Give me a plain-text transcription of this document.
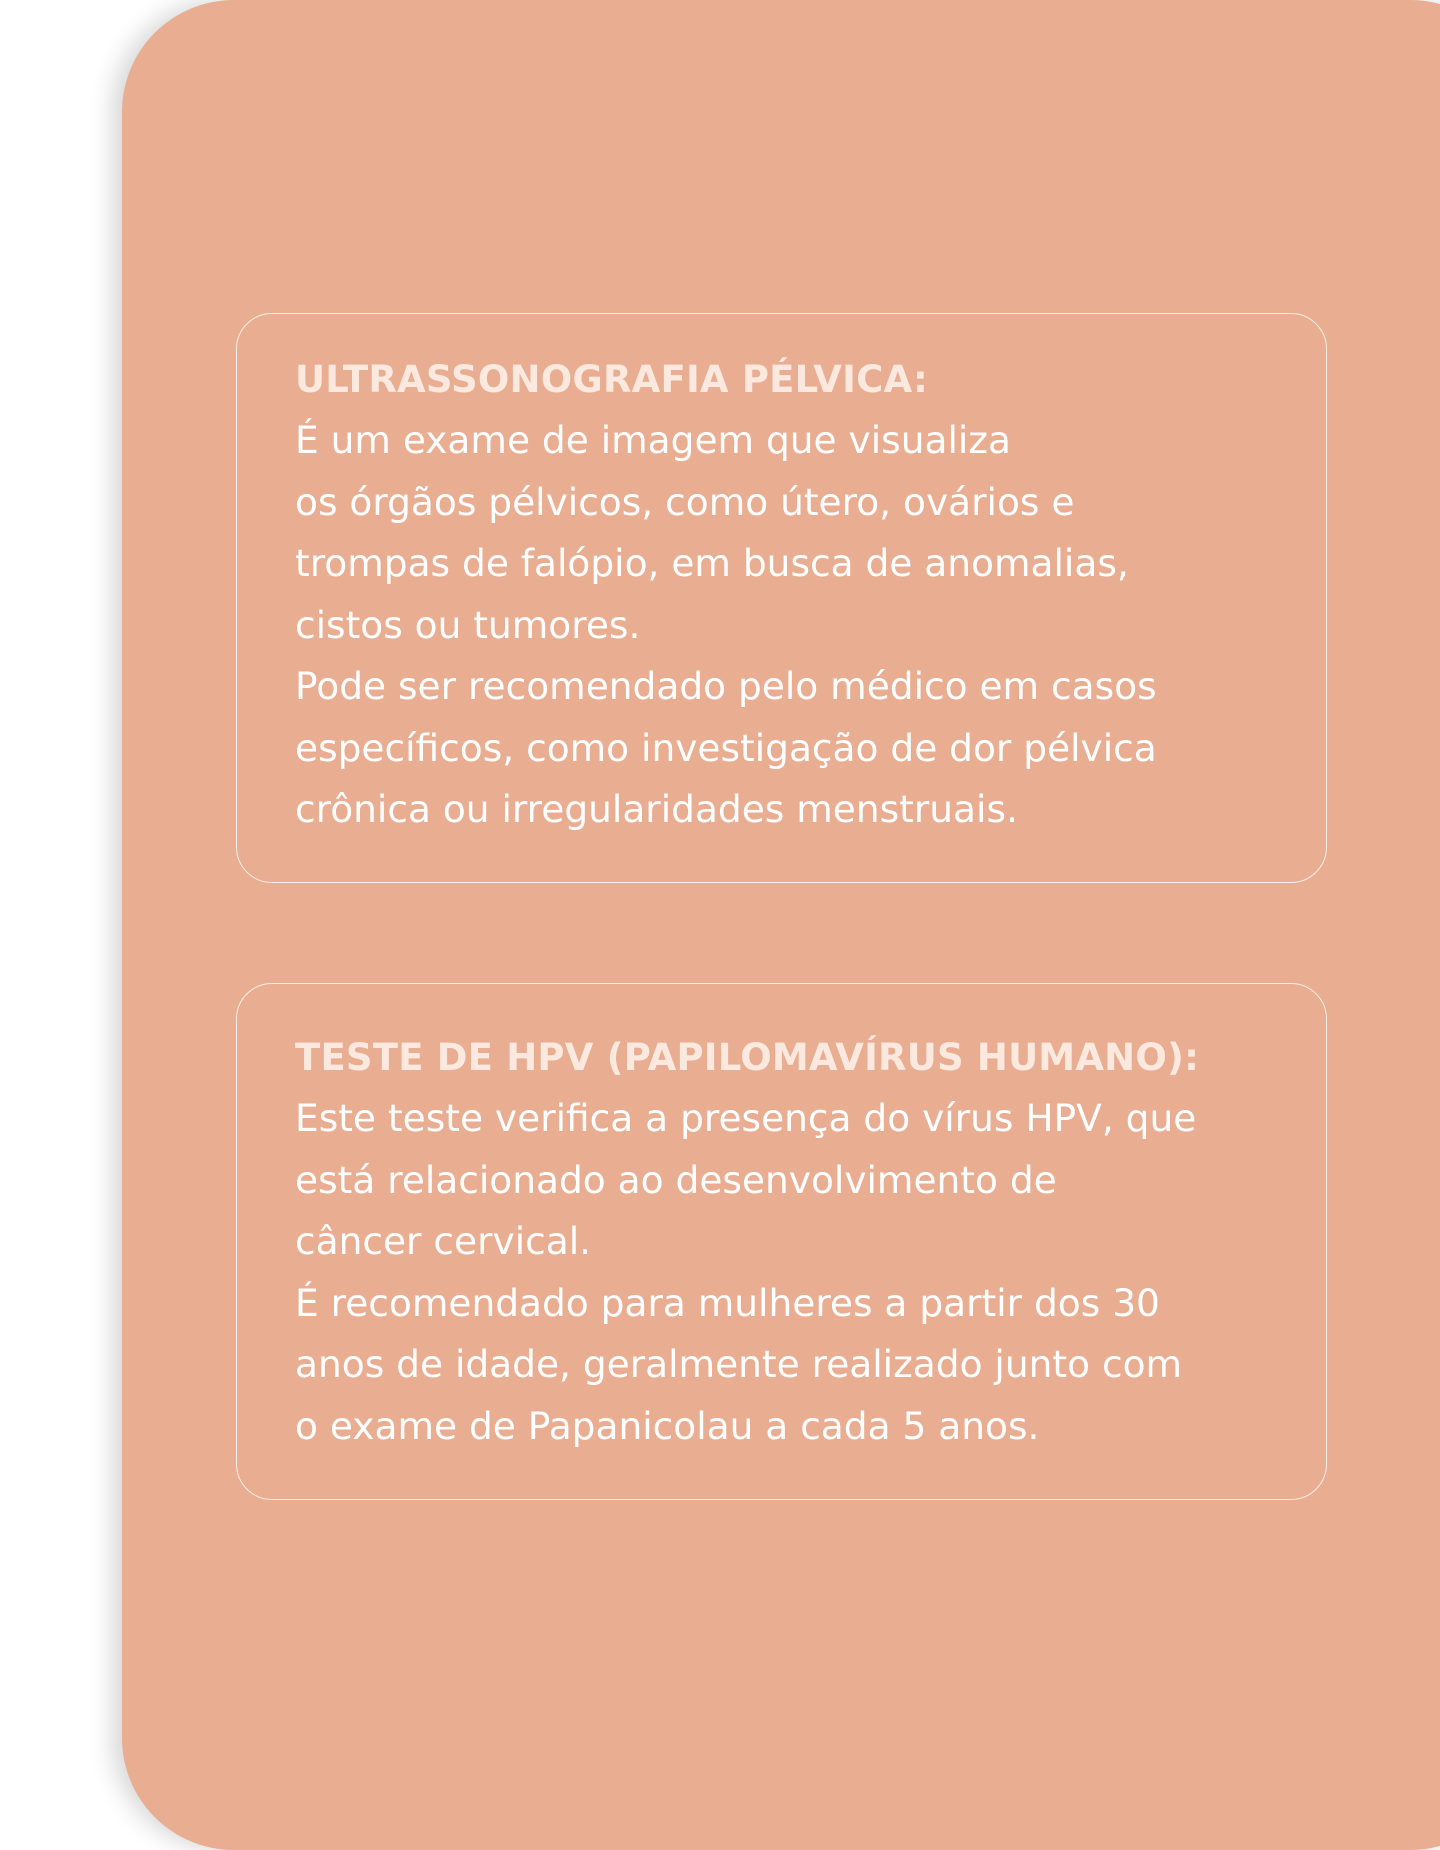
ULTRASSONOGRAFIA PÉLVICA:

É um exame de imagem que visualiza
os órgãos pélvicos, como útero, ovários e
trompas de falópio, em busca de anomalias,
cistos ou tumores.
Pode ser recomendado pelo médico em casos
específicos, como investigação de dor pélvica
crônica ou irregularidades menstruais.

TESTE DE HPV (PAPILOMAVÍRUS HUMANO):

Este teste verifica a presença do vírus HPV, que
está relacionado ao desenvolvimento de
câncer cervical.
É recomendado para mulheres a partir dos 30
anos de idade, geralmente realizado junto com
o exame de Papanicolau a cada 5 anos.
